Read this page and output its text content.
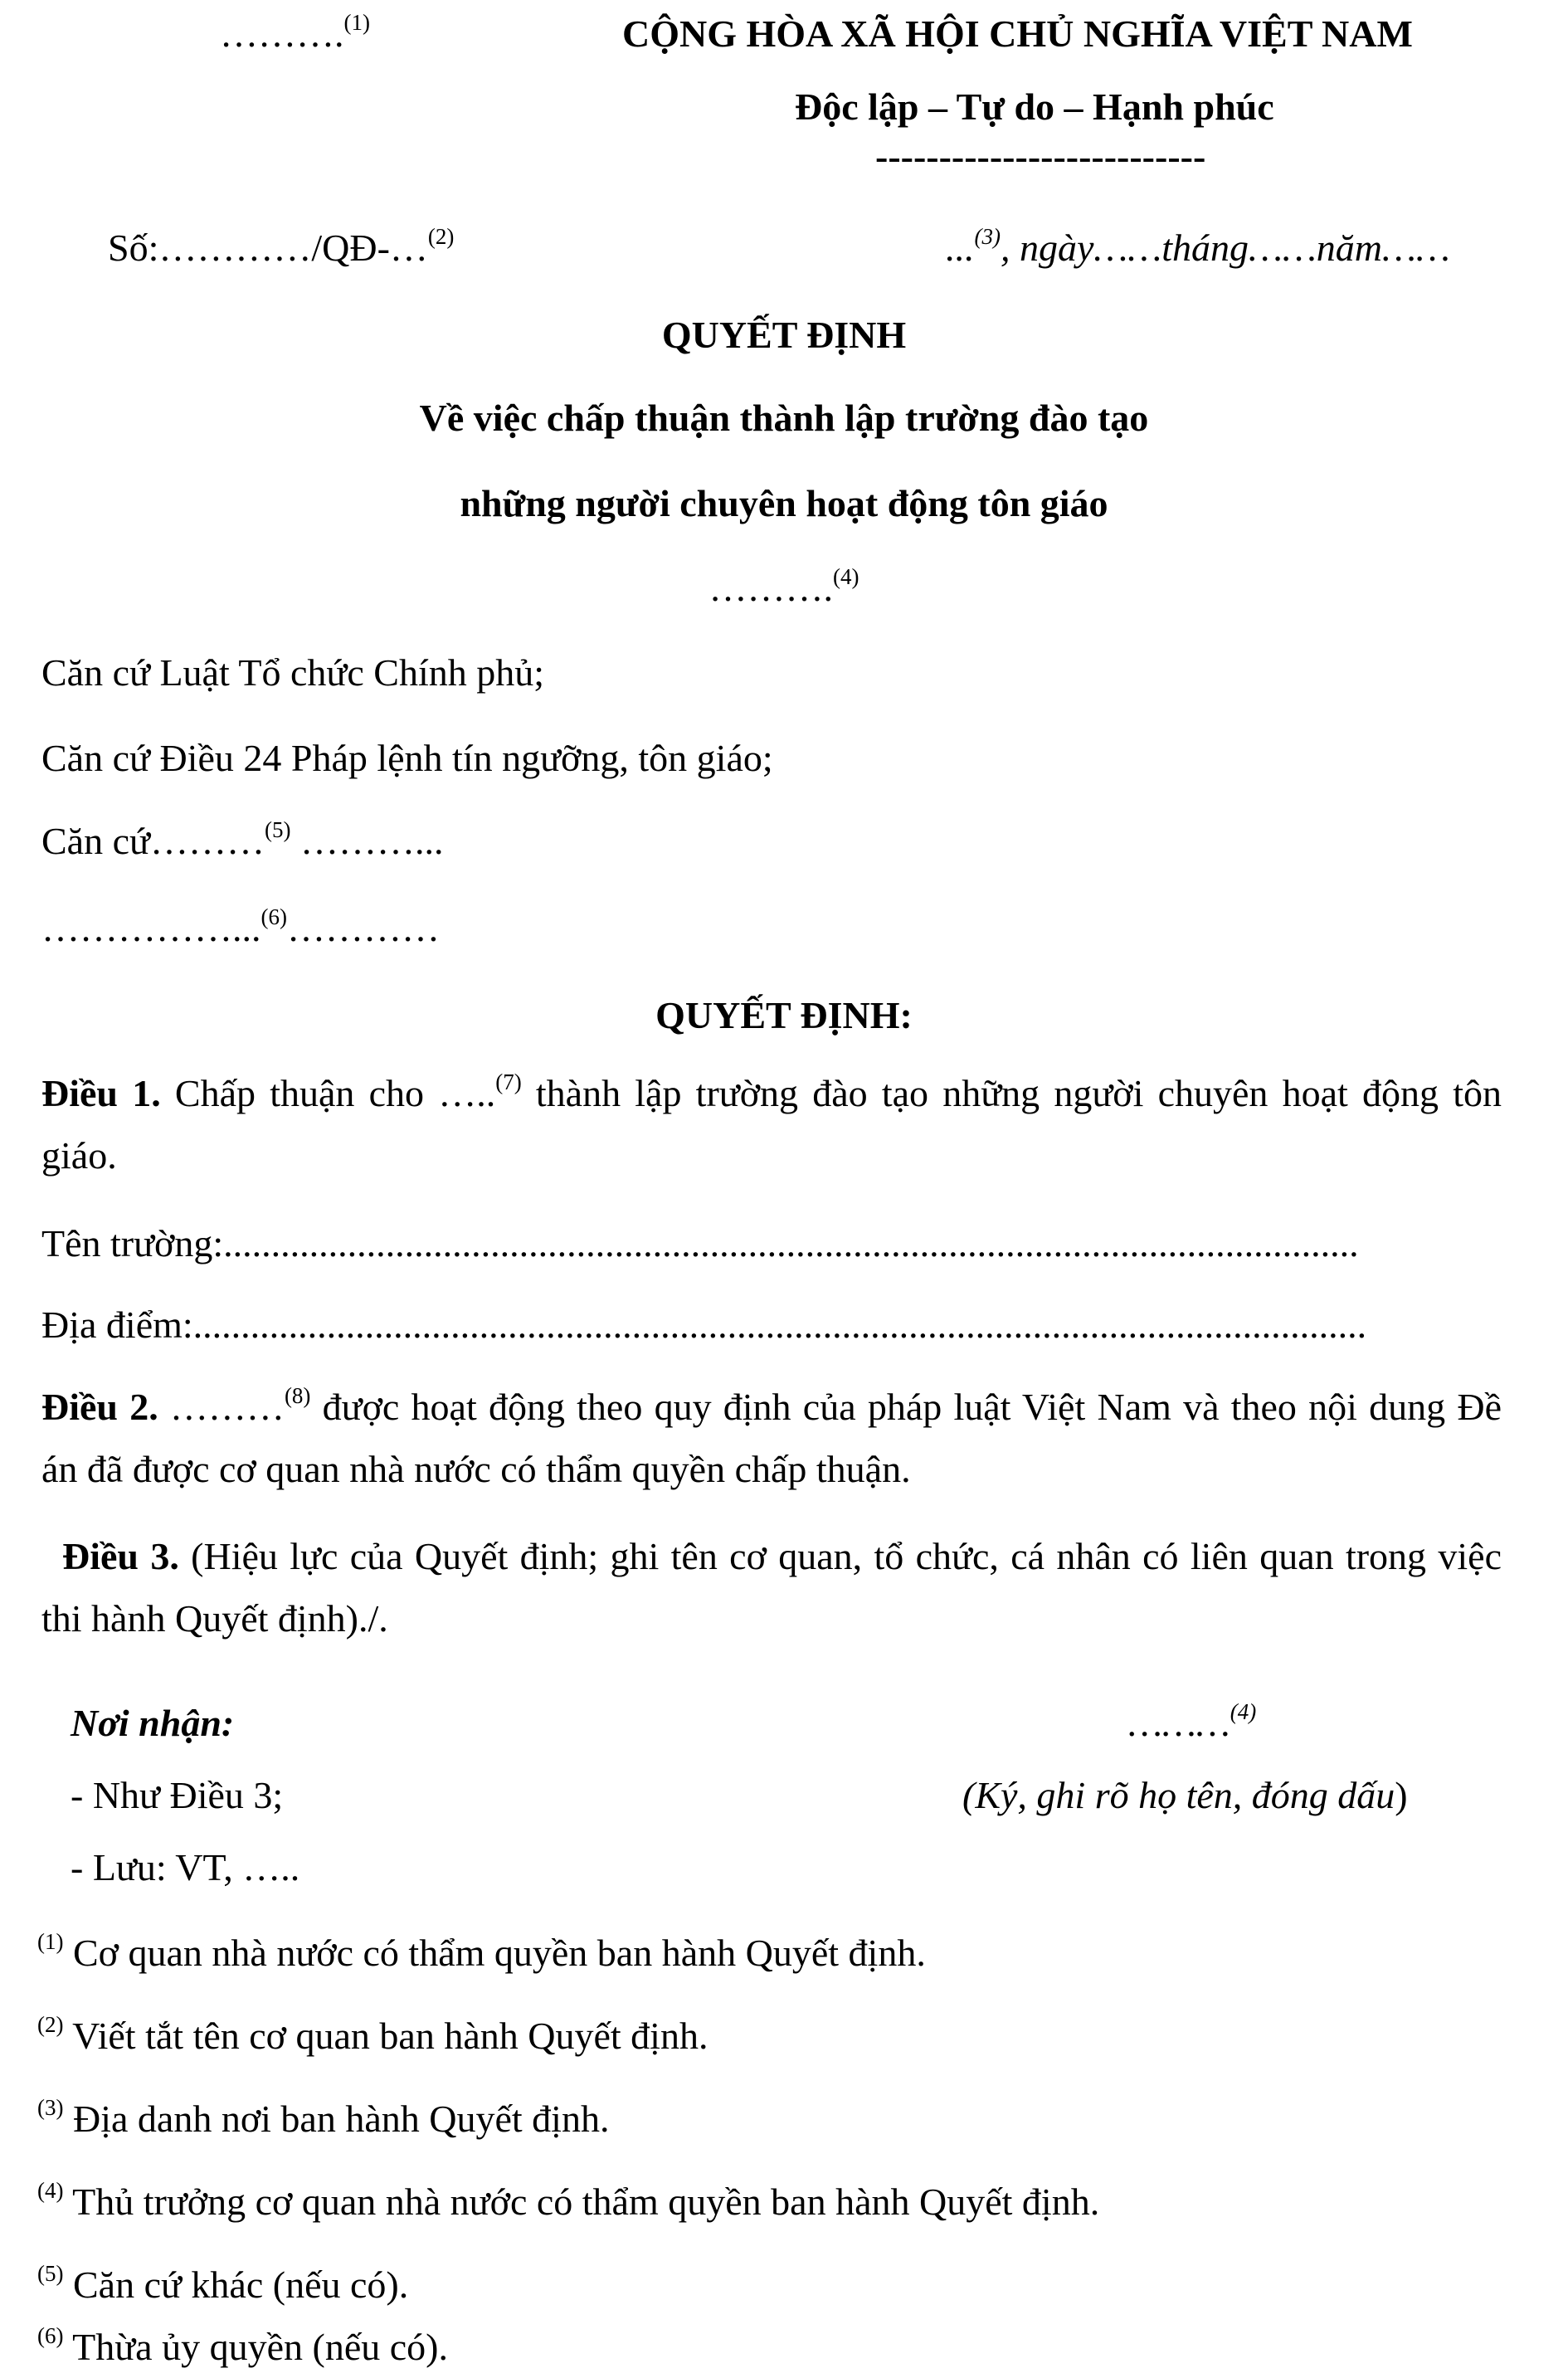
……….$^{(1)}$	CỘNG HÒA XÃ HỘI CHỦ NGHĨA VIỆT NAM
Độc lập – Tự do – Hạnh phúc
--------------------------
Số:…………/QĐ-…$^{(2)}$	...$^{(3)}$, ngày……tháng……năm……
QUYẾT ĐỊNH
Về việc chấp thuận thành lập trường đào tạo
những người chuyên hoạt động tôn giáo
……….$^{(4)}$
Căn cứ Luật Tổ chức Chính phủ;
Căn cứ Điều 24 Pháp lệnh tín ngưỡng, tôn giáo;
Căn cứ………$^{(5)}$ ………...
……………...$^{(6)}$…………
QUYẾT ĐỊNH:
Điều 1. Chấp thuận cho …..$^{(7)}$ thành lập trường đào tạo những người chuyên hoạt động tôn giáo.
Tên trường:.......................................................................................................................
Địa điểm:...........................................................................................................................
Điều 2. ………$^{(8)}$ được hoạt động theo quy định của pháp luật Việt Nam và theo nội dung Đề án đã được cơ quan nhà nước có thẩm quyền chấp thuận.
Điều 3. (Hiệu lực của Quyết định; ghi tên cơ quan, tổ chức, cá nhân có liên quan trong việc thi hành Quyết định)./.
Nơi nhận:
- Như Điều 3;
- Lưu: VT, …..
………$^{(4)}$
(Ký, ghi rõ họ tên, đóng dấu)
$^{(1)}$ Cơ quan nhà nước có thẩm quyền ban hành Quyết định.
$^{(2)}$ Viết tắt tên cơ quan ban hành Quyết định.
$^{(3)}$ Địa danh nơi ban hành Quyết định.
$^{(4)}$ Thủ trưởng cơ quan nhà nước có thẩm quyền ban hành Quyết định.
$^{(5)}$ Căn cứ khác (nếu có).
$^{(6)}$ Thừa ủy quyền (nếu có).
